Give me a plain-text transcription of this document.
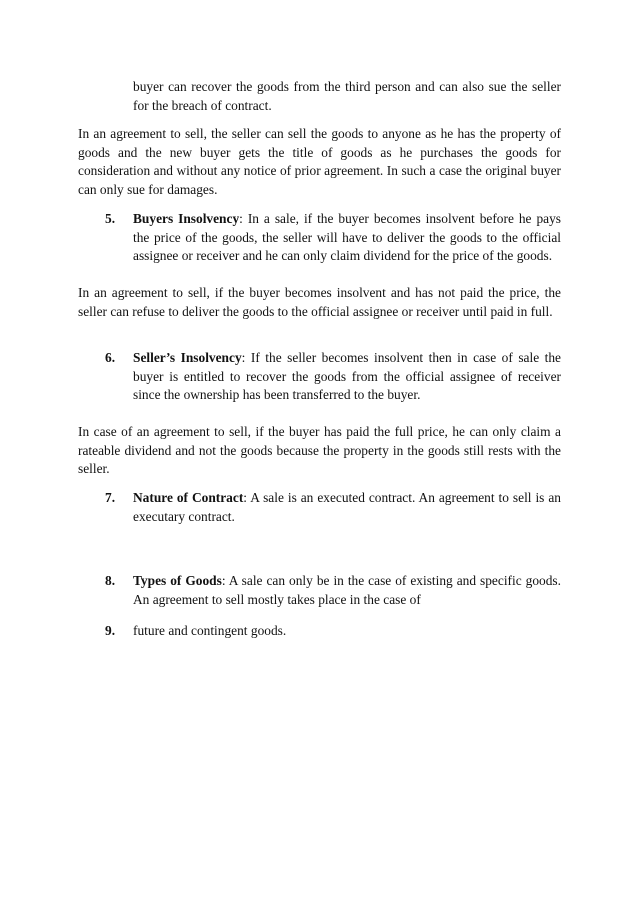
buyer can recover the goods from the third person and can also sue the seller for the breach of contract.
In an agreement to sell, the seller can sell the goods to anyone as he has the property of goods and the new buyer gets the title of goods as he purchases the goods for consideration and without any notice of prior agreement. In such a case the original buyer can only sue for damages.
5. Buyers Insolvency: In a sale, if the buyer becomes insolvent before he pays the price of the goods, the seller will have to deliver the goods to the official assignee or receiver and he can only claim dividend for the price of the goods.
In an agreement to sell, if the buyer becomes insolvent and has not paid the price, the seller can refuse to deliver the goods to the official assignee or receiver until paid in full.
6. Seller’s Insolvency: If the seller becomes insolvent then in case of sale the buyer is entitled to recover the goods from the official assignee of receiver since the ownership has been transferred to the buyer.
In case of an agreement to sell, if the buyer has paid the full price, he can only claim a rateable dividend and not the goods because the property in the goods still rests with the seller.
7. Nature of Contract: A sale is an executed contract. An agreement to sell is an executary contract.
8. Types of Goods: A sale can only be in the case of existing and specific goods. An agreement to sell mostly takes place in the case of
9. future and contingent goods.
